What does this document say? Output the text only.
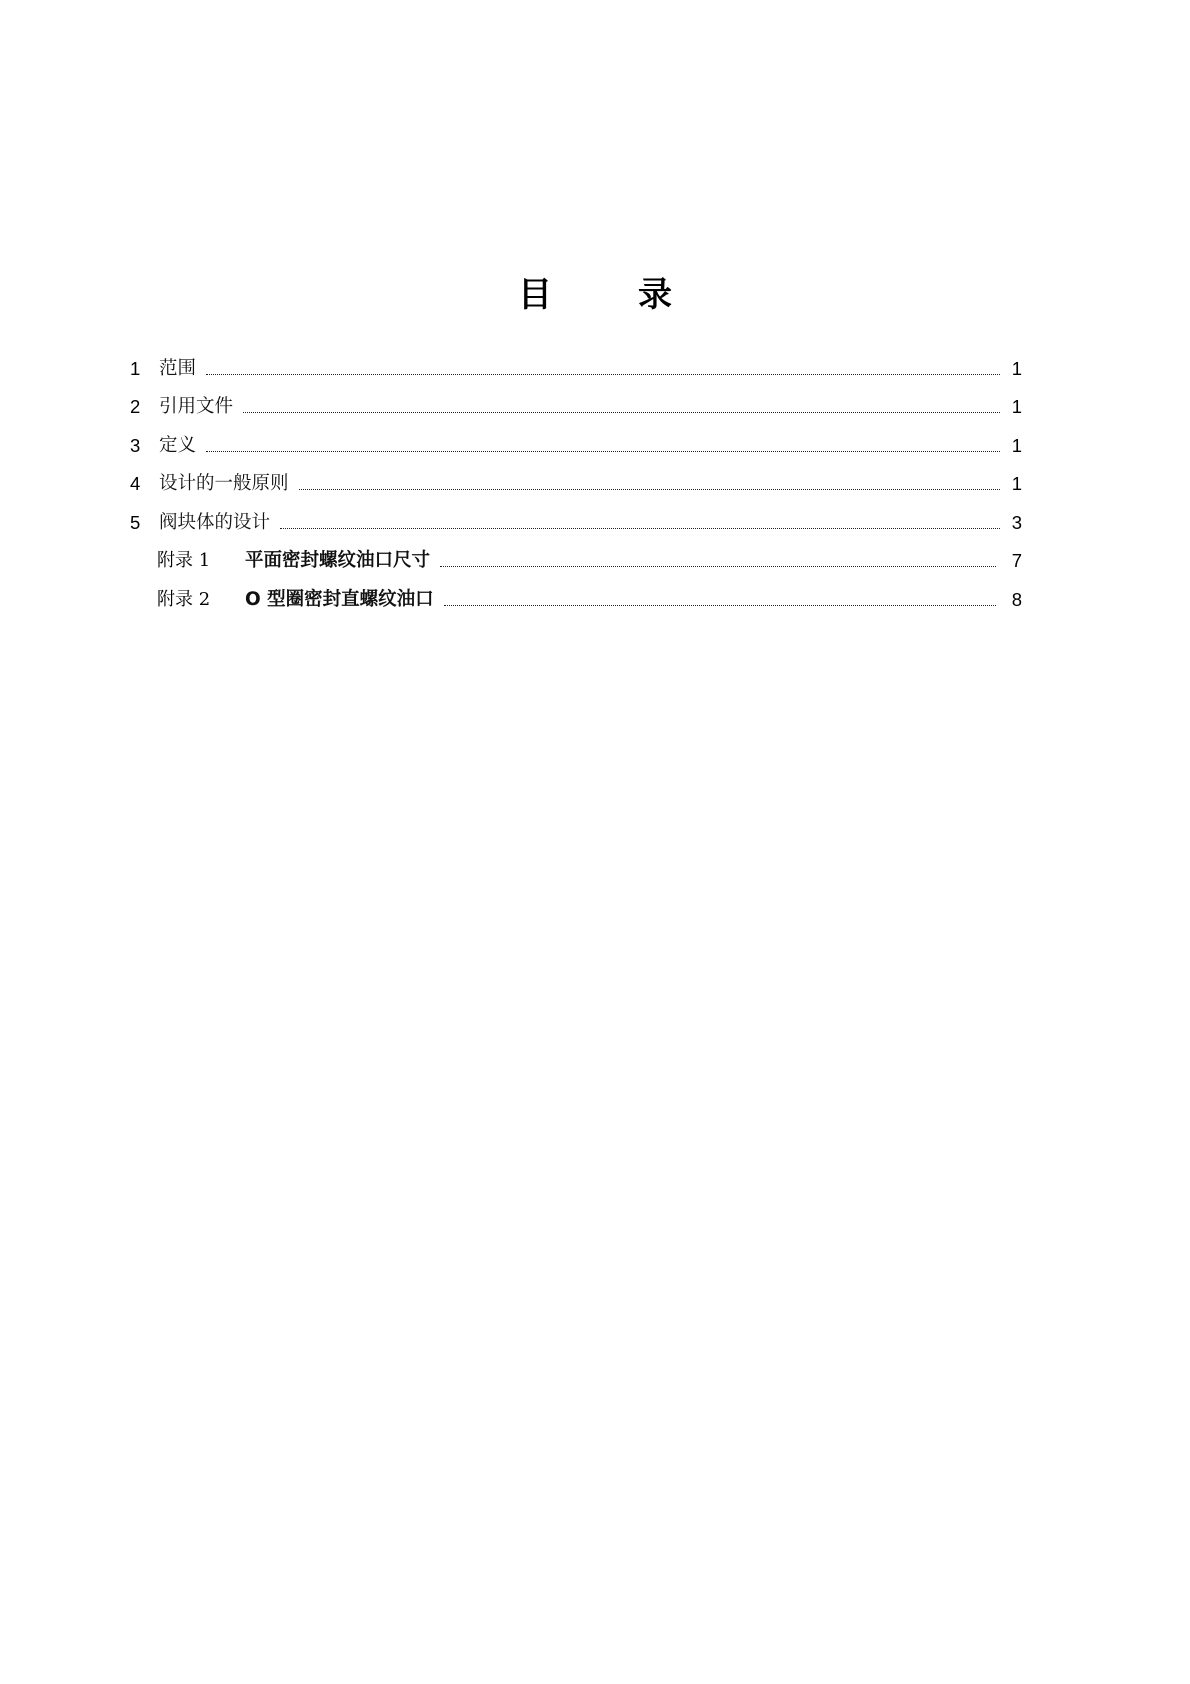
目	录
1	范围	1
2	引用文件	1
3	定义	1
4	设计的一般原则	1
5	阀块体的设计	3
附录 1	平面密封螺纹油口尺寸	7
附录 2	O 型圈密封直螺纹油口	8
